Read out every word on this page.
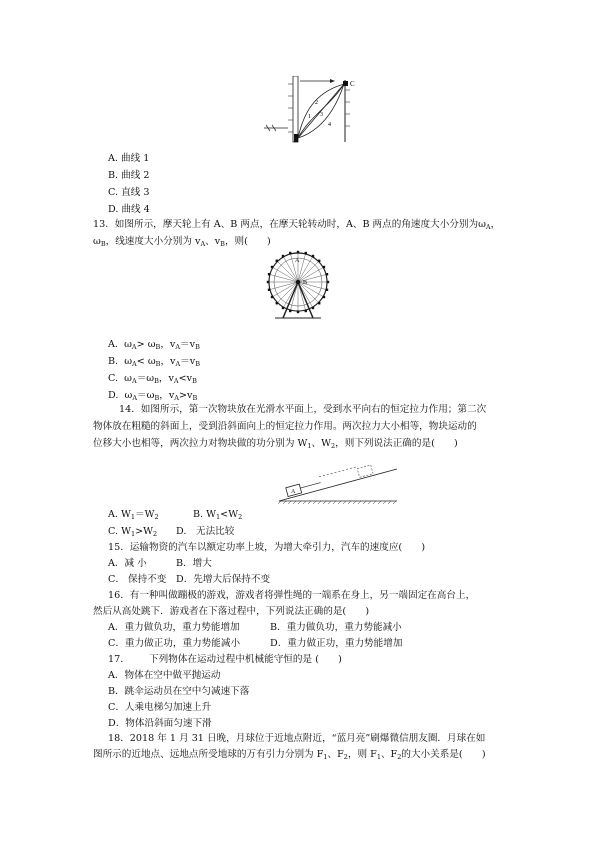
C
1
2
3
4
A. 曲线 1
B. 曲线 2
C. 直线 3
D. 曲线 4
13．如图所示，摩天轮上有 A、B 两点，在摩天轮转动时，A、B 两点的角速度大小分别为$\omega_A$，
$\omega_B$，线速度大小分别为 $v_A$、$v_B$，则(　　)
A
B
A. $\omega_A> \omega_B$，$v_A=v_B$
B. $\omega_A< \omega_B$，$v_A=v_B$
C. $\omega_A=\omega_B$，$v_A<v_B$
D. $\omega_A=\omega_B$，$v_A>v_B$
14．如图所示，第一次物块放在光滑水平面上，受到水平向右的恒定拉力作用；第二次
物体放在粗糙的斜面上，受到沿斜面向上的恒定拉力作用。两次拉力大小相等，物块运动的
位移大小也相等，两次拉力对物块做的功分别为 $W_1$、$W_2$，则下列说法正确的是(　　)
A
A. $W_1=W_2$	B. $W_1<W_2$
C. $W_1>W_2$ D.　无法比较
15．运输物资的汽车以额定功率上坡，为增大牵引力，汽车的速度应(　　)
A．减 小	B．增大
C． 保持不变 D．先增大后保持不变
16．有一种叫做蹦极的游戏，游戏者将弹性绳的一端系在身上，另一端固定在高台上，
然后从高处跳下．游戏者在下落过程中，下列说法正确的是(　　)
A．重力做负功，重力势能增加	B．重力做负功，重力势能减小
C．重力做正功，重力势能减小	D．重力做正功，重力势能增加
17． 下列物体在运动过程中机械能守恒的是 (　　)
A．物体在空中做平抛运动
B．跳伞运动员在空中匀减速下落
C．人乘电梯匀加速上升
D．物体沿斜面匀速下滑
18．2018 年 1 月 31 日晚，月球位于近地点附近，“蓝月亮”刷爆微信朋友圈．月球在如
图所示的近地点、远地点所受地球的万有引力分别为 $F_1$、$F_2$，则 $F_1$、$F_2$的大小关系是(　　)
